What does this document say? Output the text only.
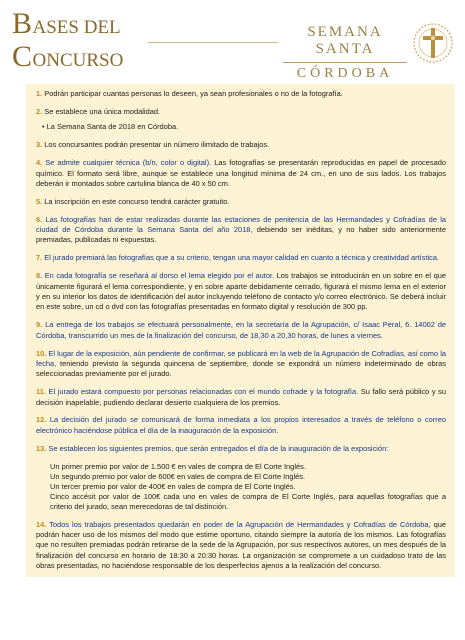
BASES DEL
CONCURSO
SEMANA SANTA
CÓRDOBA

1. Podrán participar cuantas personas lo deseen, ya sean profesionales o no de la fotografía.

2. Se establece una única modalidad.

• La Semana Santa de 2018 en Córdoba.

3. Los concursantes podrán presentar un número ilimitado de trabajos.

4. Se admite cualquier técnica (b/n, color o digital). Las fotografías se presentarán reproducidas en papel de procesado químico. El formato será libre, aunque se establece una longitud mínima de 24 cm., en uno de sus lados. Los trabajos deberán ir montados sobre cartulina blanca de 40 x 50 cm.

5. La inscripción en este concurso tendrá carácter gratuito.

6. Las fotografías han de estar realizadas durante las estaciones de penitencia de las Hermandades y Cofradías de la ciudad de Córdoba durante la Semana Santa del año 2018, debiendo ser inéditas, y no haber sido anteriormente premiadas, publicadas ni expuestas.

7. El jurado premiará las fotografías que a su criterio, tengan una mayor calidad en cuanto a técnica y creatividad artística.

8. En cada fotografía se reseñará al dorso el lema elegido por el autor. Los trabajos se introducirán en un sobre en el que únicamente figurará el lema correspondiente, y en sobre aparte debidamente cerrado, figurará el mismo lema en el exterior y en su interior los datos de identificación del autor incluyendo teléfono de contacto y/o correo electrónico. Se deberá incluir en este sobre, un cd o dvd con las fotografías presentadas en formato digital y resolución de 300 pp.

9. La entrega de los trabajos se efectuará personalmente, en la secretaría de la Agrupación, c/ Isaac Peral, 6. 14002 de Córdoba, transcurrido un mes de la finalización del concurso, de 18,30 a 20,30 horas, de lunes a viernes.

10. El lugar de la exposición, aún pendiente de confirmar, se publicará en la web de la Agrupación de Cofradías, así como la fecha, teniendo previsto la segunda quincena de septiembre, donde se expondrá un número indeterminado de obras seleccionadas previamente por el jurado.

11. El jurado estará compuesto por personas relacionadas con el mundo cofrade y la fotografía. Su fallo será público y su decisión inapelable, pudiendo declarar desierto cualquiera de los premios.

12. La decisión del jurado se comunicará de forma inmediata a los propios interesados a través de teléfono o correo electrónico haciéndose pública el día de la inauguración de la exposición.

13. Se establecen los siguientes premios, que serán entregados el día de la inauguración de la exposición:

Un primer premio por valor de 1.500 € en vales de compra de El Corte Inglés.
Un segundo premio por valor de 600€ en vales de compra de El Corte Inglés.
Un tercer premio por valor de 400€ en vales de compra de El Corte Inglés.
Cinco accésit por valor de 100€ cada uno en vales de compra de El Corte Inglés, para aquellas fotografías que a criterio del jurado, sean merecedoras de tal distinción.

14. Todos los trabajos presentados quedarán en poder de la Agrupación de Hermandades y Cofradías de Córdoba, que podrán hacer uso de los mismos del modo que estime oportuno, citando siempre la autoría de los mismos. Las fotografías que no resulten premiadas podrán retirarse de la sede de la Agrupación, por sus respectivos autores, un mes después de la finalización del concurso en horario de 18:30 a 20:30 horas. La organización se compromete a un cuidadoso trato de las obras presentadas, no haciéndose responsable de los desperfectos ajenos a la realización del concurso.
